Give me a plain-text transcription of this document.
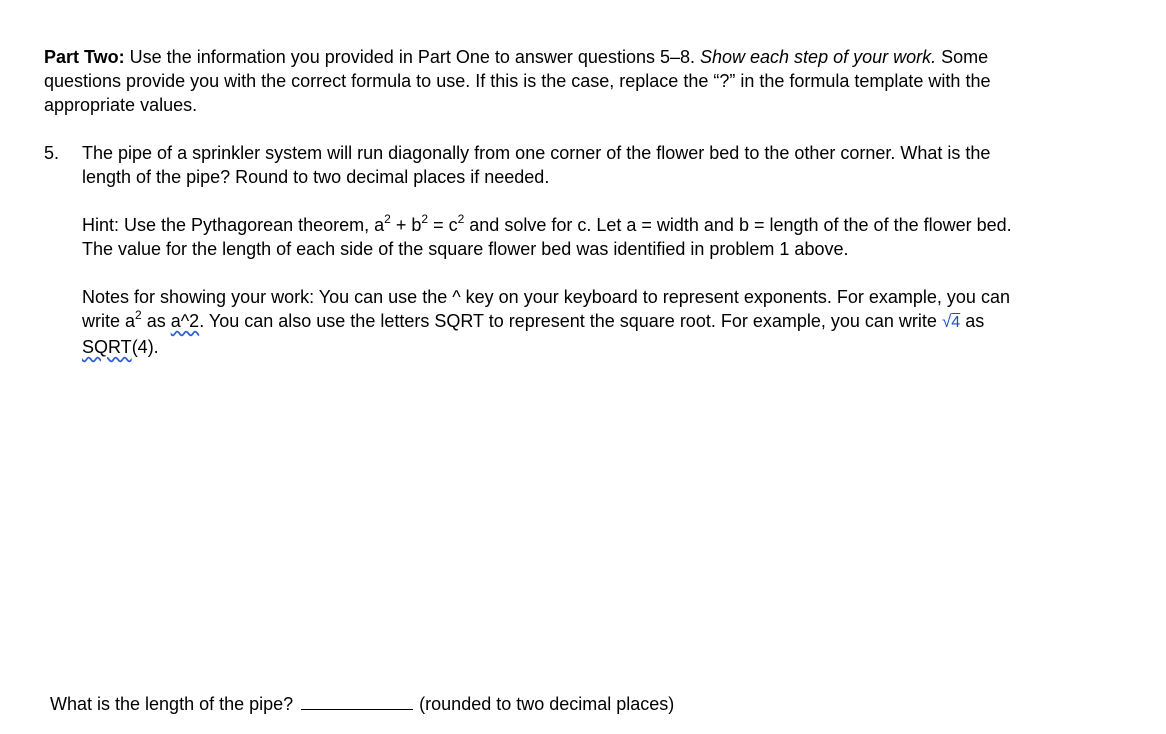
Part Two: Use the information you provided in Part One to answer questions 5–8. Show each step of your work. Some questions provide you with the correct formula to use. If this is the case, replace the “?” in the formula template with the appropriate values.

5. The pipe of a sprinkler system will run diagonally from one corner of the flower bed to the other corner. What is the length of the pipe? Round to two decimal places if needed.

Hint: Use the Pythagorean theorem, $a^2 + b^2 = c^2$ and solve for c. Let a = width and b = length of the of the flower bed. The value for the length of each side of the square flower bed was identified in problem 1 above.

Notes for showing your work: You can use the ^ key on your keyboard to represent exponents. For example, you can write $a^2$ as a^2. You can also use the letters SQRT to represent the square root. For example, you can write √4 as SQRT(4).

What is the length of the pipe?	(rounded to two decimal places)
